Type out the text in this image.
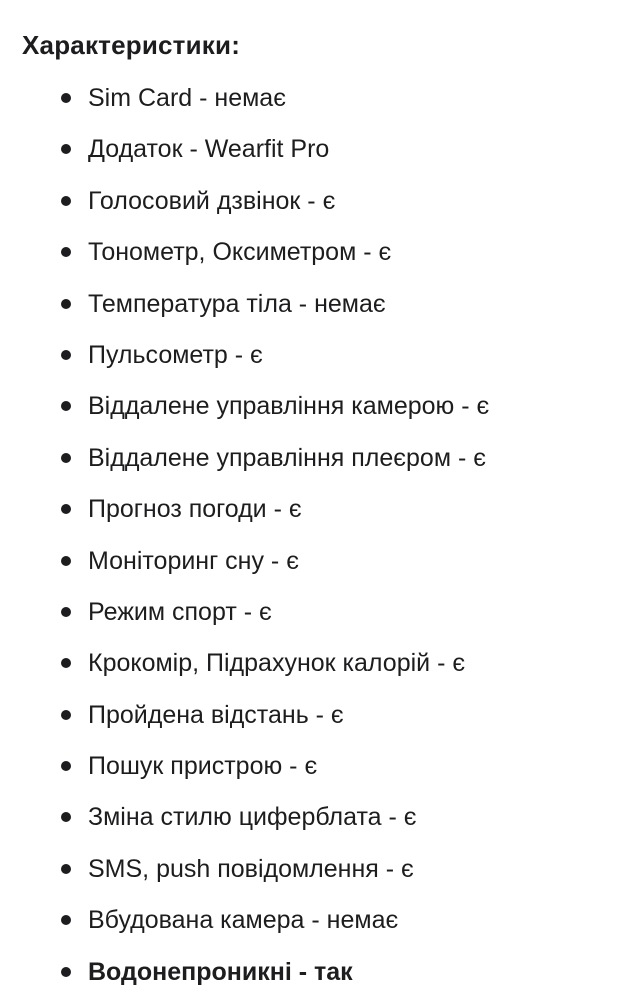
Характеристики:
Sim Card - немає
Додаток - Wearfit Pro
Голосовий дзвінок - є
Тонометр, Оксиметром - є
Температура тіла - немає
Пульсометр - є
Віддалене управління камерою - є
Віддалене управління плеєром - є
Прогноз погоди - є
Моніторинг сну - є
Режим спорт - є
Крокомір, Підрахунок калорій - є
Пройдена відстань - є
Пошук пристрою - є
Зміна стилю циферблата - є
SMS, push повідомлення - є
Вбудована камера - немає
Водонепроникні - так
